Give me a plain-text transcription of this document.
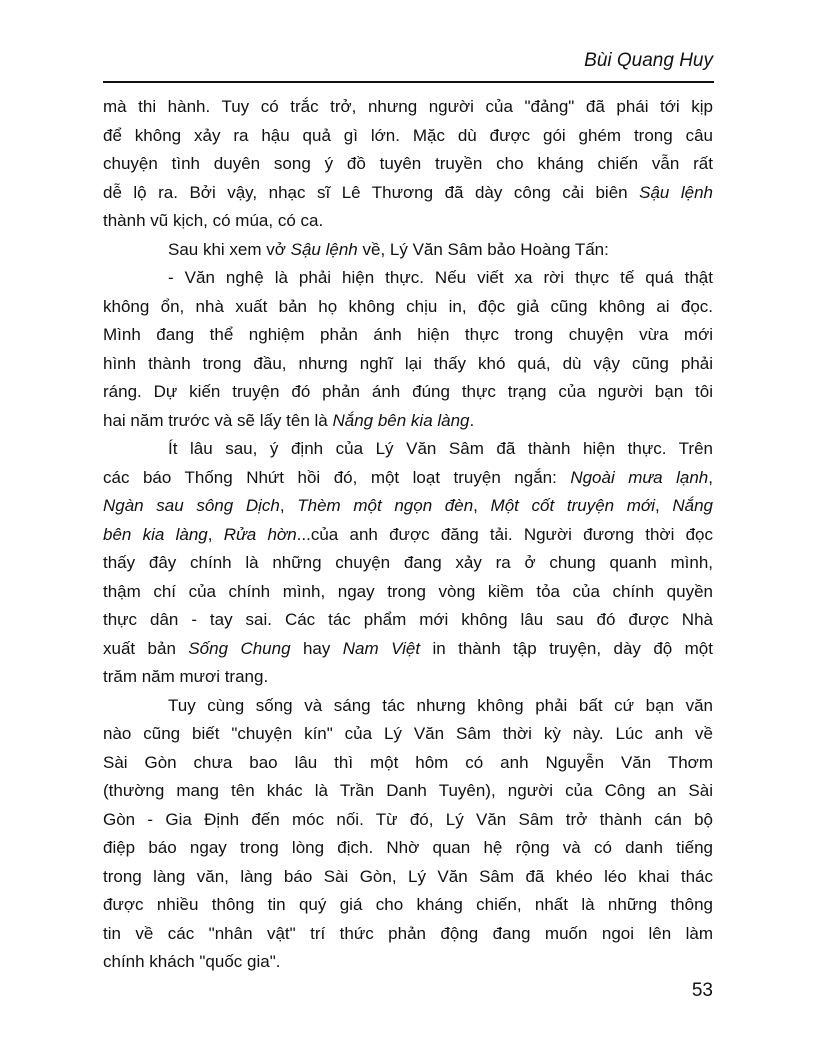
Bùi Quang Huy
mà thi hành. Tuy có trắc trở, nhưng người của "đảng" đã phái tới kịp
để không xảy ra hậu quả gì lớn. Mặc dù được gói ghém trong câu
chuyện tình duyên song ý đồ tuyên truyền cho kháng chiến vẫn rất
dễ lộ ra. Bởi vậy, nhạc sĩ Lê Thương đã dày công cải biên Sậu lệnh
thành vũ kịch, có múa, có ca.
Sau khi xem vở Sậu lệnh về, Lý Văn Sâm bảo Hoàng Tấn:
- Văn nghệ là phải hiện thực. Nếu viết xa rời thực tế quá thật
không ổn, nhà xuất bản họ không chịu in, độc giả cũng không ai đọc.
Mình đang thể nghiệm phản ánh hiện thực trong chuyện vừa mới
hình thành trong đầu, nhưng nghĩ lại thấy khó quá, dù vậy cũng phải
ráng. Dự kiến truyện đó phản ánh đúng thực trạng của người bạn tôi
hai năm trước và sẽ lấy tên là Nắng bên kia làng.
Ít lâu sau, ý định của Lý Văn Sâm đã thành hiện thực. Trên
các báo Thống Nhứt hồi đó, một loạt truyện ngắn: Ngoài mưa lạnh,
Ngàn sau sông Dịch, Thèm một ngọn đèn, Một cốt truyện mới, Nắng
bên kia làng, Rửa hờn...của anh được đăng tải. Người đương thời đọc
thấy đây chính là những chuyện đang xảy ra ở chung quanh mình,
thậm chí của chính mình, ngay trong vòng kiềm tỏa của chính quyền
thực dân - tay sai. Các tác phẩm mới không lâu sau đó được Nhà
xuất bản Sống Chung hay Nam Việt in thành tập truyện, dày độ một
trăm năm mươi trang.
Tuy cùng sống và sáng tác nhưng không phải bất cứ bạn văn
nào cũng biết "chuyện kín" của Lý Văn Sâm thời kỳ này. Lúc anh về
Sài Gòn chưa bao lâu thì một hôm có anh Nguyễn Văn Thơm
(thường mang tên khác là Trần Danh Tuyên), người của Công an Sài
Gòn - Gia Định đến móc nối. Từ đó, Lý Văn Sâm trở thành cán bộ
điệp báo ngay trong lòng địch. Nhờ quan hệ rộng và có danh tiếng
trong làng văn, làng báo Sài Gòn, Lý Văn Sâm đã khéo léo khai thác
được nhiều thông tin quý giá cho kháng chiến, nhất là những thông
tin về các "nhân vật" trí thức phản động đang muốn ngoi lên làm
chính khách "quốc gia".
53
